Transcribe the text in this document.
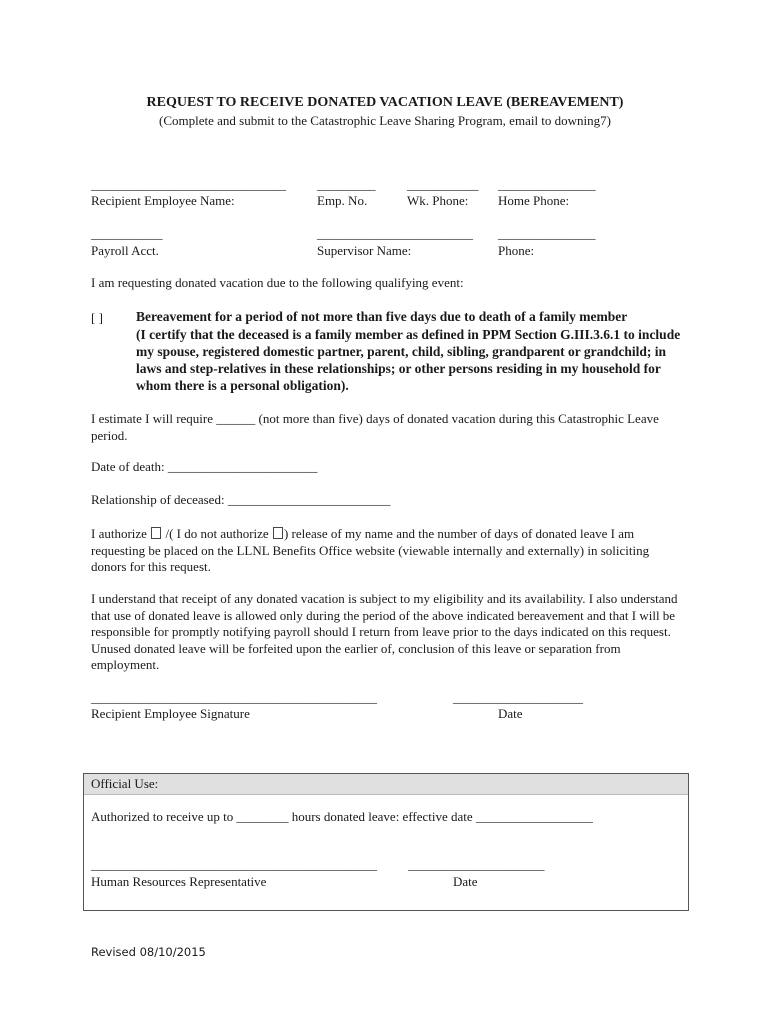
REQUEST TO RECEIVE DONATED VACATION LEAVE (BEREAVEMENT)
(Complete and submit to the Catastrophic Leave Sharing Program, email to downing7)
______________________________
Recipient Employee Name:
_________
Emp. No.
___________
Wk. Phone:
_______________
Home Phone:
___________
Payroll Acct.
________________________
Supervisor Name:
_______________
Phone:
I am requesting donated vacation due to the following qualifying event:
[ ] Bereavement for a period of not more than five days due to death of a family member
(I certify that the deceased is a family member as defined in PPM Section G.III.3.6.1 to include my spouse, registered domestic partner, parent, child, sibling, grandparent or grandchild; in laws and step-relatives in these relationships; or other persons residing in my household for whom there is a personal obligation).
I estimate I will require ______ (not more than five) days of donated vacation during this Catastrophic Leave period.
Date of death: _______________________
Relationship of deceased: _________________________
I authorize  /( I do not authorize ) release of my name and the number of days of donated leave I am requesting be placed on the LLNL Benefits Office website (viewable internally and externally) in soliciting donors for this request.
I understand that receipt of any donated vacation is subject to my eligibility and its availability. I also understand that use of donated leave is allowed only during the period of the above indicated bereavement and that I will be responsible for promptly notifying payroll should I return from leave prior to the days indicated on this request. Unused donated leave will be forfeited upon the earlier of, conclusion of this leave or separation from employment.
____________________________________________
Recipient Employee Signature
____________________
Date
Official Use:
Authorized to receive up to ________ hours donated leave: effective date __________________
____________________________________________
Human Resources Representative
_____________________
Date
Revised 08/10/2015
